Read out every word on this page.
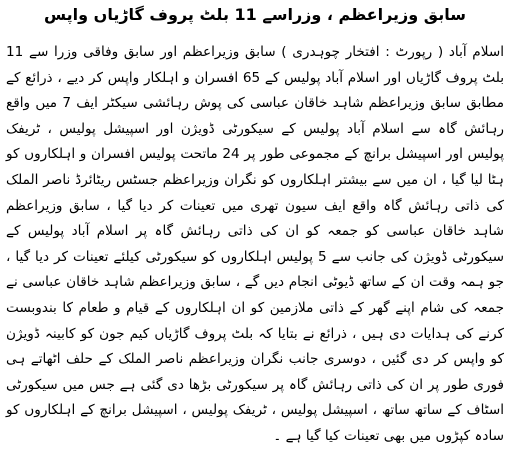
سابق وزیراعظم ، وزراسے 11 بلٹ پروف گاڑیاں واپس

اسلام آباد ( رپورٹ : افتخار چوہدری ) سابق وزیراعظم اور سابق وفاقی وزرا سے 11 بلٹ پروف گاڑیاں اور اسلام آباد پولیس کے 65 افسران و اہلکار واپس کر دیے ، ذرائع کے مطابق سابق وزیراعظم شاہد خاقان عباسی کی پوش رہائشی سیکٹر ایف 7 میں واقع رہائش گاہ سے اسلام آباد پولیس کے سیکورٹی ڈویژن اور اسپیشل پولیس ، ٹریفک پولیس اور اسپیشل برانچ کے مجموعی طور پر 24 ماتحت پولیس افسران و اہلکاروں کو ہٹا لیا گیا ، ان میں سے بیشتر اہلکاروں کو نگران وزیراعظم جسٹس ریٹائرڈ ناصر الملک کی ذاتی رہائش گاہ واقع ایف سیون تھری میں تعینات کر دیا گیا ، سابق وزیراعظم شاہد خاقان عباسی کو جمعہ کو ان کی ذاتی رہائش گاہ پر اسلام آباد پولیس کے سیکورٹی ڈویژن کی جانب سے 5 پولیس اہلکاروں کو سیکورٹی کیلئے تعینات کر دیا گیا ، جو ہمہ وقت ان کے ساتھ ڈیوٹی انجام دیں گے ، سابق وزیراعظم شاہد خاقان عباسی نے جمعہ کی شام اپنے گھر کے ذاتی ملازمین کو ان اہلکاروں کے قیام و طعام کا بندوبست کرنے کی ہدایات دی ہیں ، ذرائع نے بتایا کہ بلٹ پروف گاڑیاں کیم جون کو کابینہ ڈویژن کو واپس کر دی گئیں ، دوسری جانب نگران وزیراعظم ناصر الملک کے حلف اٹھاتے ہی فوری طور پر ان کی ذاتی رہائش گاہ پر سیکورٹی بڑھا دی گئی ہے جس میں سیکورٹی اسٹاف کے ساتھ ساتھ ، اسپیشل پولیس ، ٹریفک پولیس ، اسپیشل برانچ کے اہلکاروں کو سادہ کپڑوں میں بھی تعینات کیا گیا ہے ۔
